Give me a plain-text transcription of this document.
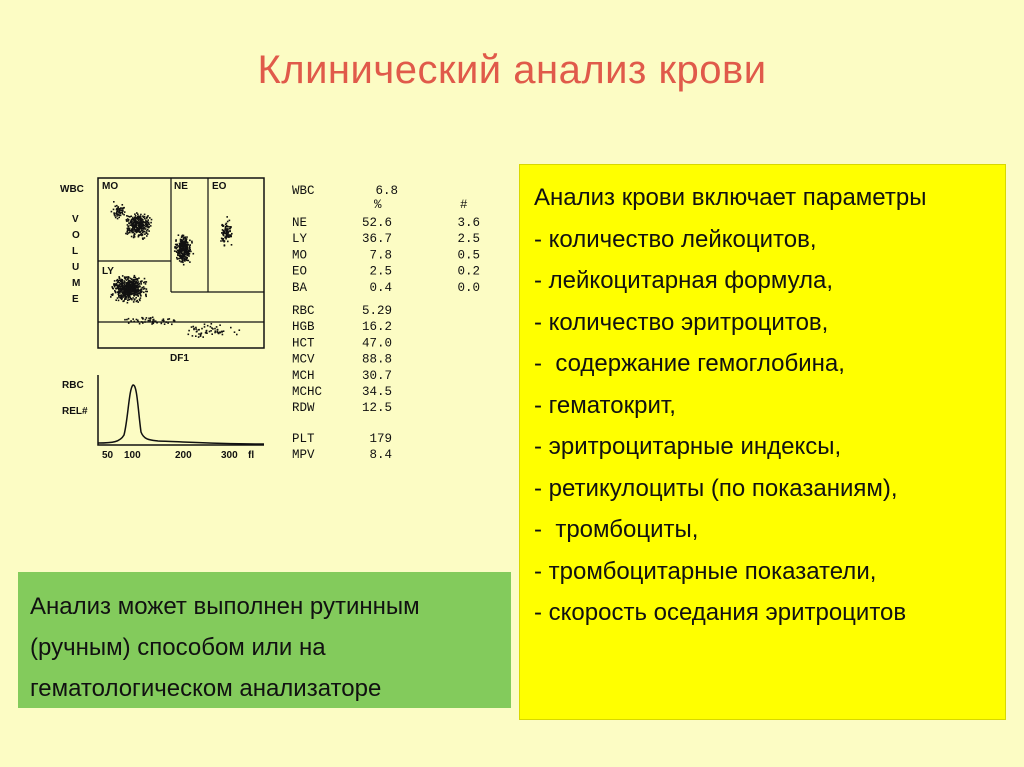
Клинический анализ крови
WBC
V
O
L
U
M
E
MO	NE EO
LY
DF1
RBC
REL#
50 100	200	300 fl
WBC	6.8
%	#
NE	52.6	3.6
LY	36.7	2.5
MO	7.8	0.5
EO	2.5	0.2
BA	0.4	0.0
RBC	5.29
HGB	16.2
HCT	47.0
MCV	88.8
MCH	30.7
MCHC	34.5
RDW	12.5
PLT	179
MPV	8.4
Анализ крови включает параметры
- количество лейкоцитов,
- лейкоцитарная формула,
- количество эритроцитов,
-  содержание гемоглобина,
- гематокрит,
- эритроцитарные индексы,
- ретикулоциты (по показаниям),
-  тромбоциты,
- тромбоцитарные показатели,
- скорость оседания эритроцитов
Анализ может выполнен рутинным
(ручным) способом или на
гематологическом анализаторе
